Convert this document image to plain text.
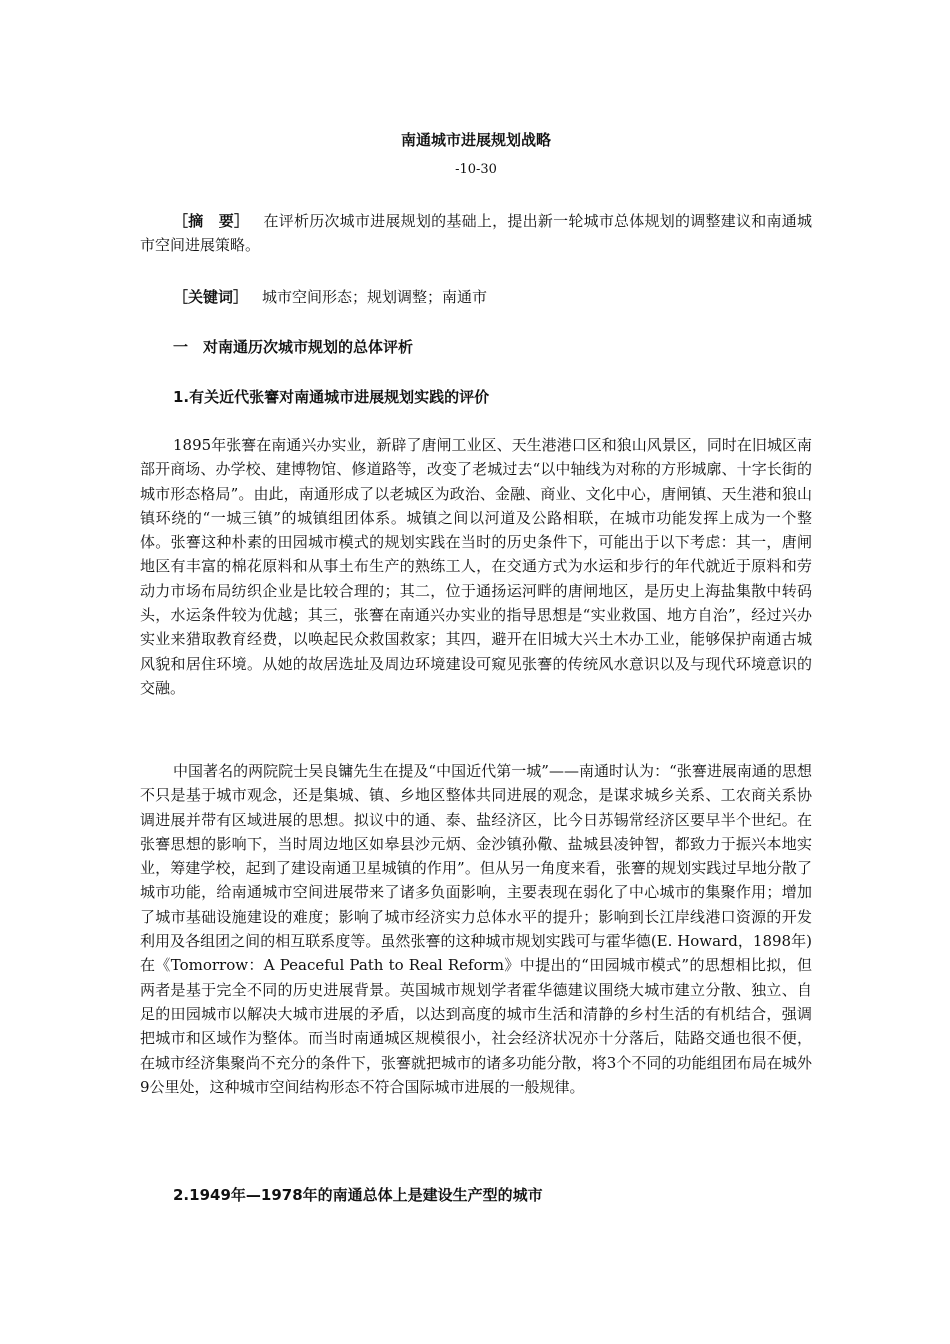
南通城市进展规划战略
-10-30
［摘　要］ 在评析历次城市进展规划的基础上，提出新一轮城市总体规划的调整建议和南通城市空间进展策略。
［关键词］ 城市空间形态；规划调整；南通市
一　对南通历次城市规划的总体评析
1.有关近代张謇对南通城市进展规划实践的评价
1895年张謇在南通兴办实业，新辟了唐闸工业区、天生港港口区和狼山风景区，同时在旧城区南部开商场、办学校、建博物馆、修道路等，改变了老城过去“以中轴线为对称的方形城廓、十字长街的城市形态格局”。由此，南通形成了以老城区为政治、金融、商业、文化中心，唐闸镇、天生港和狼山镇环绕的“一城三镇”的城镇组团体系。城镇之间以河道及公路相联，在城市功能发挥上成为一个整体。张謇这种朴素的田园城市模式的规划实践在当时的历史条件下，可能出于以下考虑：其一，唐闸地区有丰富的棉花原料和从事土布生产的熟练工人，在交通方式为水运和步行的年代就近于原料和劳动力市场布局纺织企业是比较合理的；其二，位于通扬运河畔的唐闸地区，是历史上海盐集散中转码头，水运条件较为优越；其三，张謇在南通兴办实业的指导思想是“实业救国、地方自治”，经过兴办实业来猎取教育经费，以唤起民众救国救家；其四，避开在旧城大兴土木办工业，能够保护南通古城风貌和居住环境。从她的故居选址及周边环境建设可窥见张謇的传统风水意识以及与现代环境意识的交融。
中国著名的两院院士吴良镛先生在提及“中国近代第一城”——南通时认为：“张謇进展南通的思想不只是基于城市观念，还是集城、镇、乡地区整体共同进展的观念，是谋求城乡关系、工农商关系协调进展并带有区域进展的思想。拟议中的通、泰、盐经济区，比今日苏锡常经济区要早半个世纪。在张謇思想的影响下，当时周边地区如皋县沙元炳、金沙镇孙儆、盐城县凌钟智，都致力于振兴本地实业，筹建学校，起到了建设南通卫星城镇的作用”。但从另一角度来看，张謇的规划实践过早地分散了城市功能，给南通城市空间进展带来了诸多负面影响，主要表现在弱化了中心城市的集聚作用；增加了城市基础设施建设的难度；影响了城市经济实力总体水平的提升；影响到长江岸线港口资源的开发利用及各组团之间的相互联系度等。虽然张謇的这种城市规划实践可与霍华德(E. Howard，1898年)在《Tomorrow：A Peaceful Path to Real Reform》中提出的“田园城市模式”的思想相比拟，但两者是基于完全不同的历史进展背景。英国城市规划学者霍华德建议围绕大城市建立分散、独立、自足的田园城市以解决大城市进展的矛盾，以达到高度的城市生活和清静的乡村生活的有机结合，强调把城市和区域作为整体。而当时南通城区规模很小，社会经济状况亦十分落后，陆路交通也很不便，在城市经济集聚尚不充分的条件下，张謇就把城市的诸多功能分散，将3个不同的功能组团布局在城外9公里处，这种城市空间结构形态不符合国际城市进展的一般规律。
2.1949年—1978年的南通总体上是建设生产型的城市
